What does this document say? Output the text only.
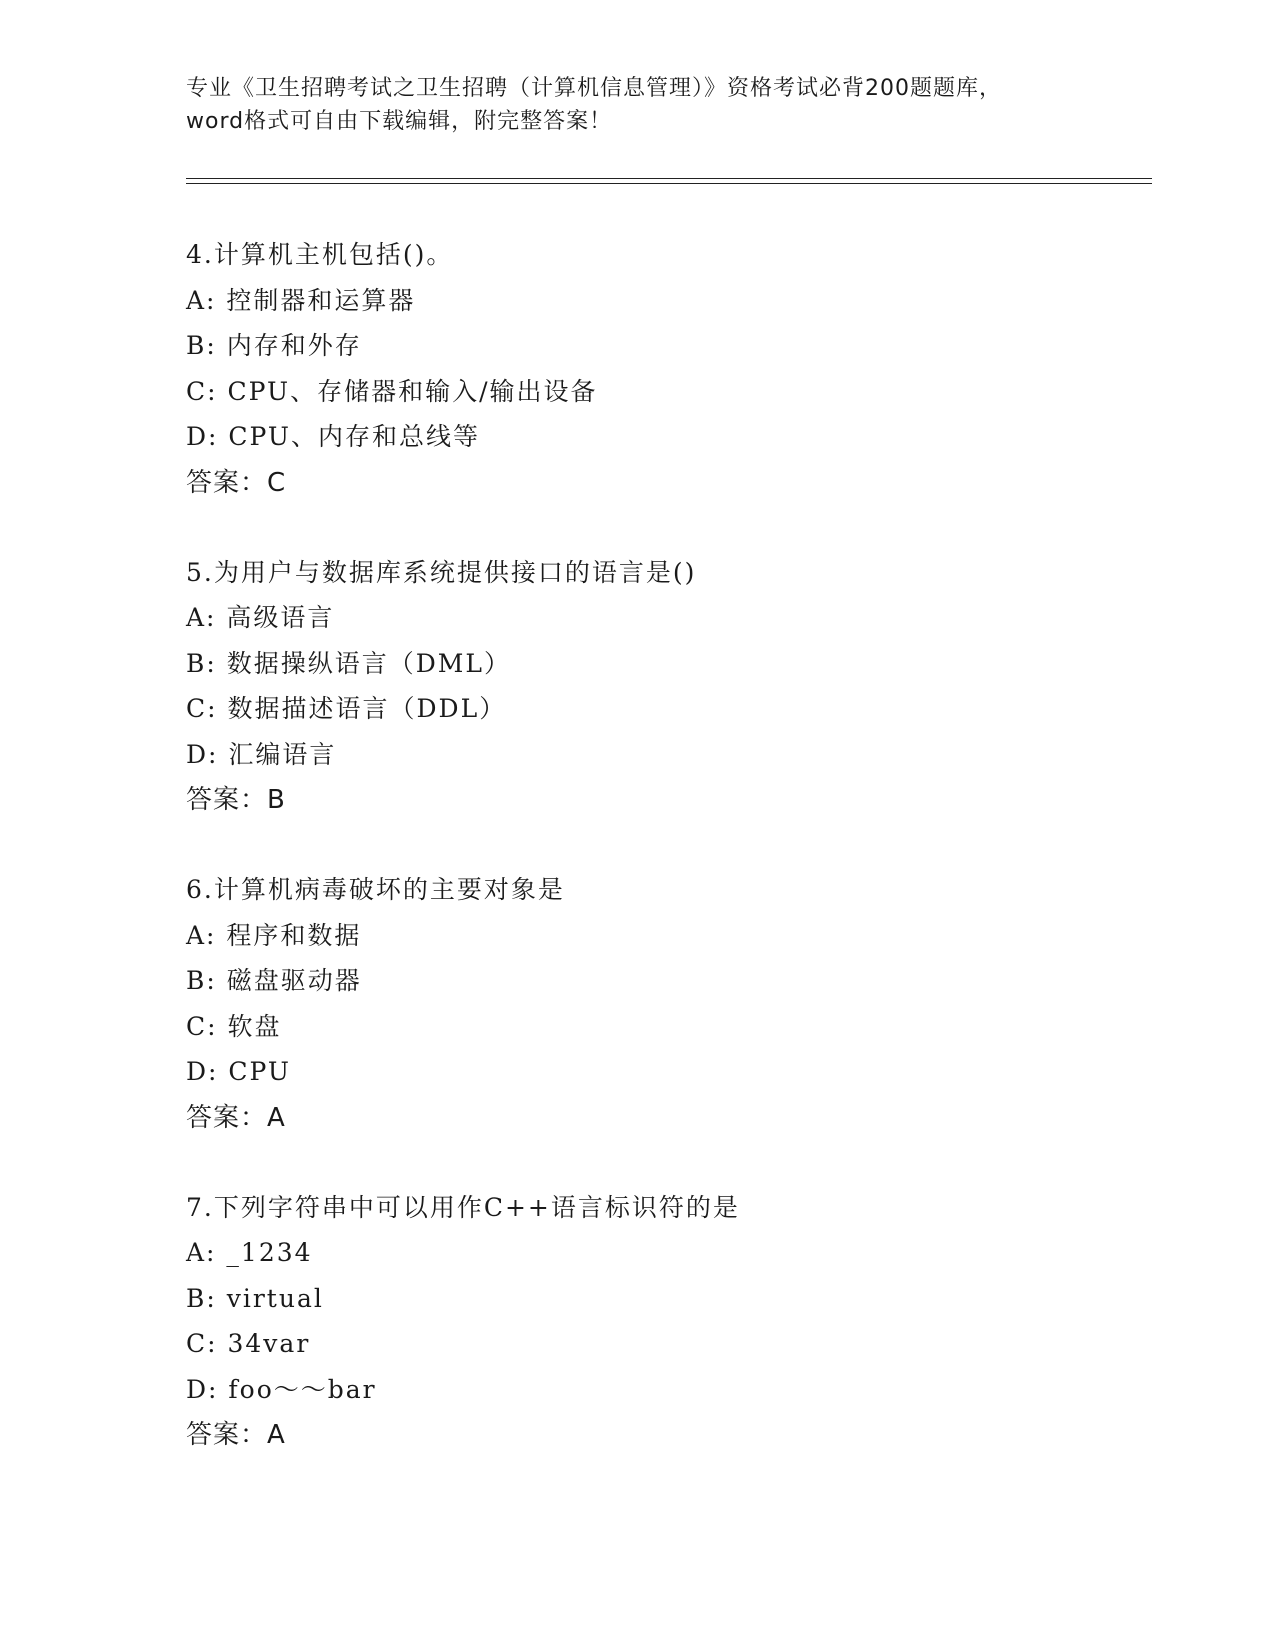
专业《卫生招聘考试之卫生招聘（计算机信息管理）》资格考试必背200题题库，

word格式可自由下载编辑，附完整答案！

4.计算机主机包括()。
A: 控制器和运算器
B: 内存和外存
C: CPU、存储器和输入/输出设备
D: CPU、内存和总线等
答案：C
5.为用户与数据库系统提供接口的语言是()
A: 高级语言
B: 数据操纵语言（DML）
C: 数据描述语言（DDL）
D: 汇编语言
答案：B
6.计算机病毒破坏的主要对象是
A: 程序和数据
B: 磁盘驱动器
C: 软盘
D: CPU
答案：A
7.下列字符串中可以用作C++语言标识符的是
A: _1234
B: virtual
C: 34var
D: foo～～bar
答案：A
